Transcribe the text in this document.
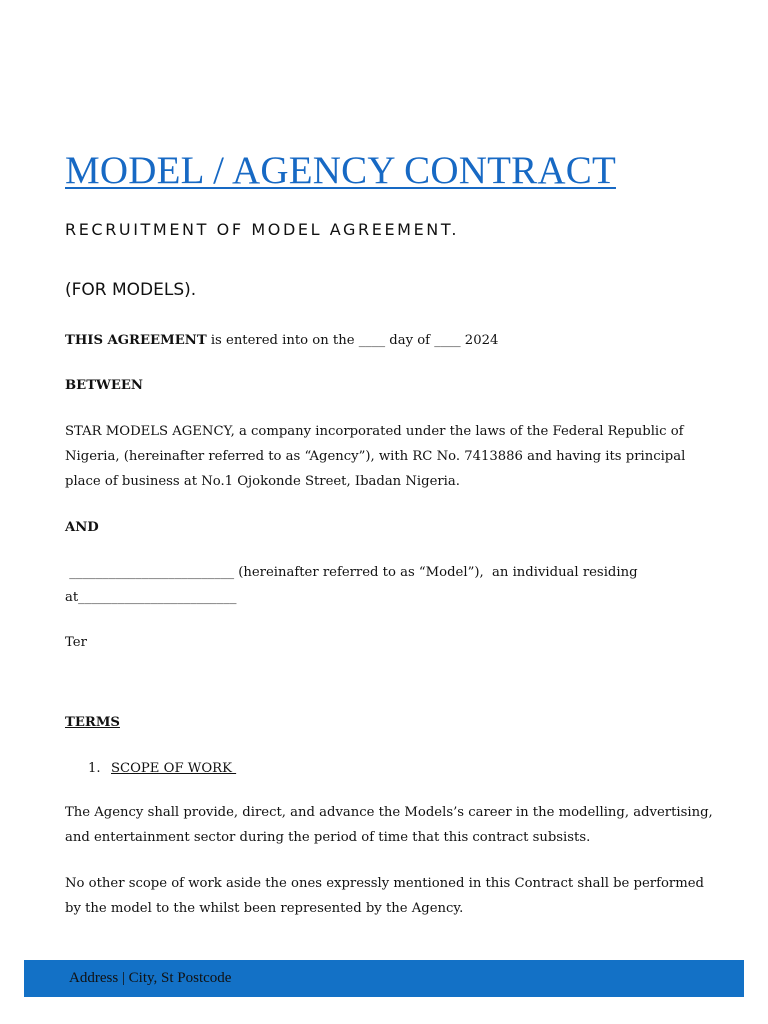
MODEL / AGENCY CONTRACT
RECRUITMENT OF MODEL AGREEMENT.
(FOR MODELS).
THIS AGREEMENT is entered into on the ____ day of ____ 2024
BETWEEN
STAR MODELS AGENCY, a company incorporated under the laws of the Federal Republic of
Nigeria, (hereinafter referred to as “Agency”), with RC No. 7413886 and having its principal
place of business at No.1 Ojokonde Street, Ibadan Nigeria.
AND
_________________________ (hereinafter referred to as “Model”),  an individual residing
at________________________
Ter
TERMS
1. SCOPE OF WORK
The Agency shall provide, direct, and advance the Models’s career in the modelling, advertising,
and entertainment sector during the period of time that this contract subsists.
No other scope of work aside the ones expressly mentioned in this Contract shall be performed
by the model to the whilst been represented by the Agency.
Address | City, St Postcode
